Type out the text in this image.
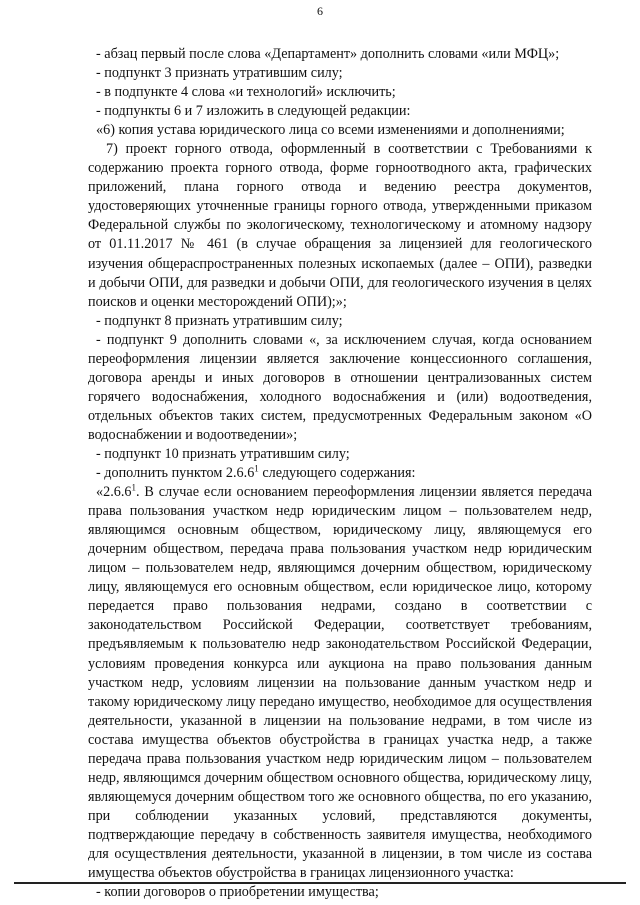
6

- абзац первый после слова «Департамент» дополнить словами «или МФЦ»;

- подпункт 3 признать утратившим силу;

- в подпункте 4 слова «и технологий» исключить;

- подпункты 6 и 7 изложить в следующей редакции:

«6) копия устава юридического лица со всеми изменениями и дополнениями;

7) проект горного отвода, оформленный в соответствии с Требованиями к содержанию проекта горного отвода, форме горноотводного акта, графических приложений, плана горного отвода и ведению реестра документов, удостоверяющих уточненные границы горного отвода, утвержденными приказом Федеральной службы по экологическому, технологическому и атомному надзору от 01.11.2017 № 461 (в случае обращения за лицензией для геологического изучения общераспространенных полезных ископаемых (далее – ОПИ), разведки и добычи ОПИ, для разведки и добычи ОПИ, для геологического изучения в целях поисков и оценки месторождений ОПИ);»;

- подпункт 8 признать утратившим силу;

- подпункт 9 дополнить словами «, за исключением случая, когда основанием переоформления лицензии является заключение концессионного соглашения, договора аренды и иных договоров в отношении централизованных систем горячего водоснабжения, холодного водоснабжения и (или) водоотведения, отдельных объектов таких систем, предусмотренных Федеральным законом «О водоснабжении и водоотведении»;

- подпункт 10 признать утратившим силу;

- дополнить пунктом 2.6.6$^1$ следующего содержания:

«2.6.6$^1$. В случае если основанием переоформления лицензии является передача права пользования участком недр юридическим лицом – пользователем недр, являющимся основным обществом, юридическому лицу, являющемуся его дочерним обществом, передача права пользования участком недр юридическим лицом – пользователем недр, являющимся дочерним обществом, юридическому лицу, являющемуся его основным обществом, если юридическое лицо, которому передается право пользования недрами, создано в соответствии с законодательством Российской Федерации, соответствует требованиям, предъявляемым к пользователю недр законодательством Российской Федерации, условиям проведения конкурса или аукциона на право пользования данным участком недр, условиям лицензии на пользование данным участком недр и такому юридическому лицу передано имущество, необходимое для осуществления деятельности, указанной в лицензии на пользование недрами, в том числе из состава имущества объектов обустройства в границах участка недр, а также передача права пользования участком недр юридическим лицом – пользователем недр, являющимся дочерним обществом основного общества, юридическому лицу, являющемуся дочерним обществом того же основного общества, по его указанию, при соблюдении указанных условий, представляются документы, подтверждающие передачу в собственность заявителя имущества, необходимого для осуществления деятельности, указанной в лицензии, в том числе из состава имущества объектов обустройства в границах лицензионного участка:

- копии договоров о приобретении имущества;
